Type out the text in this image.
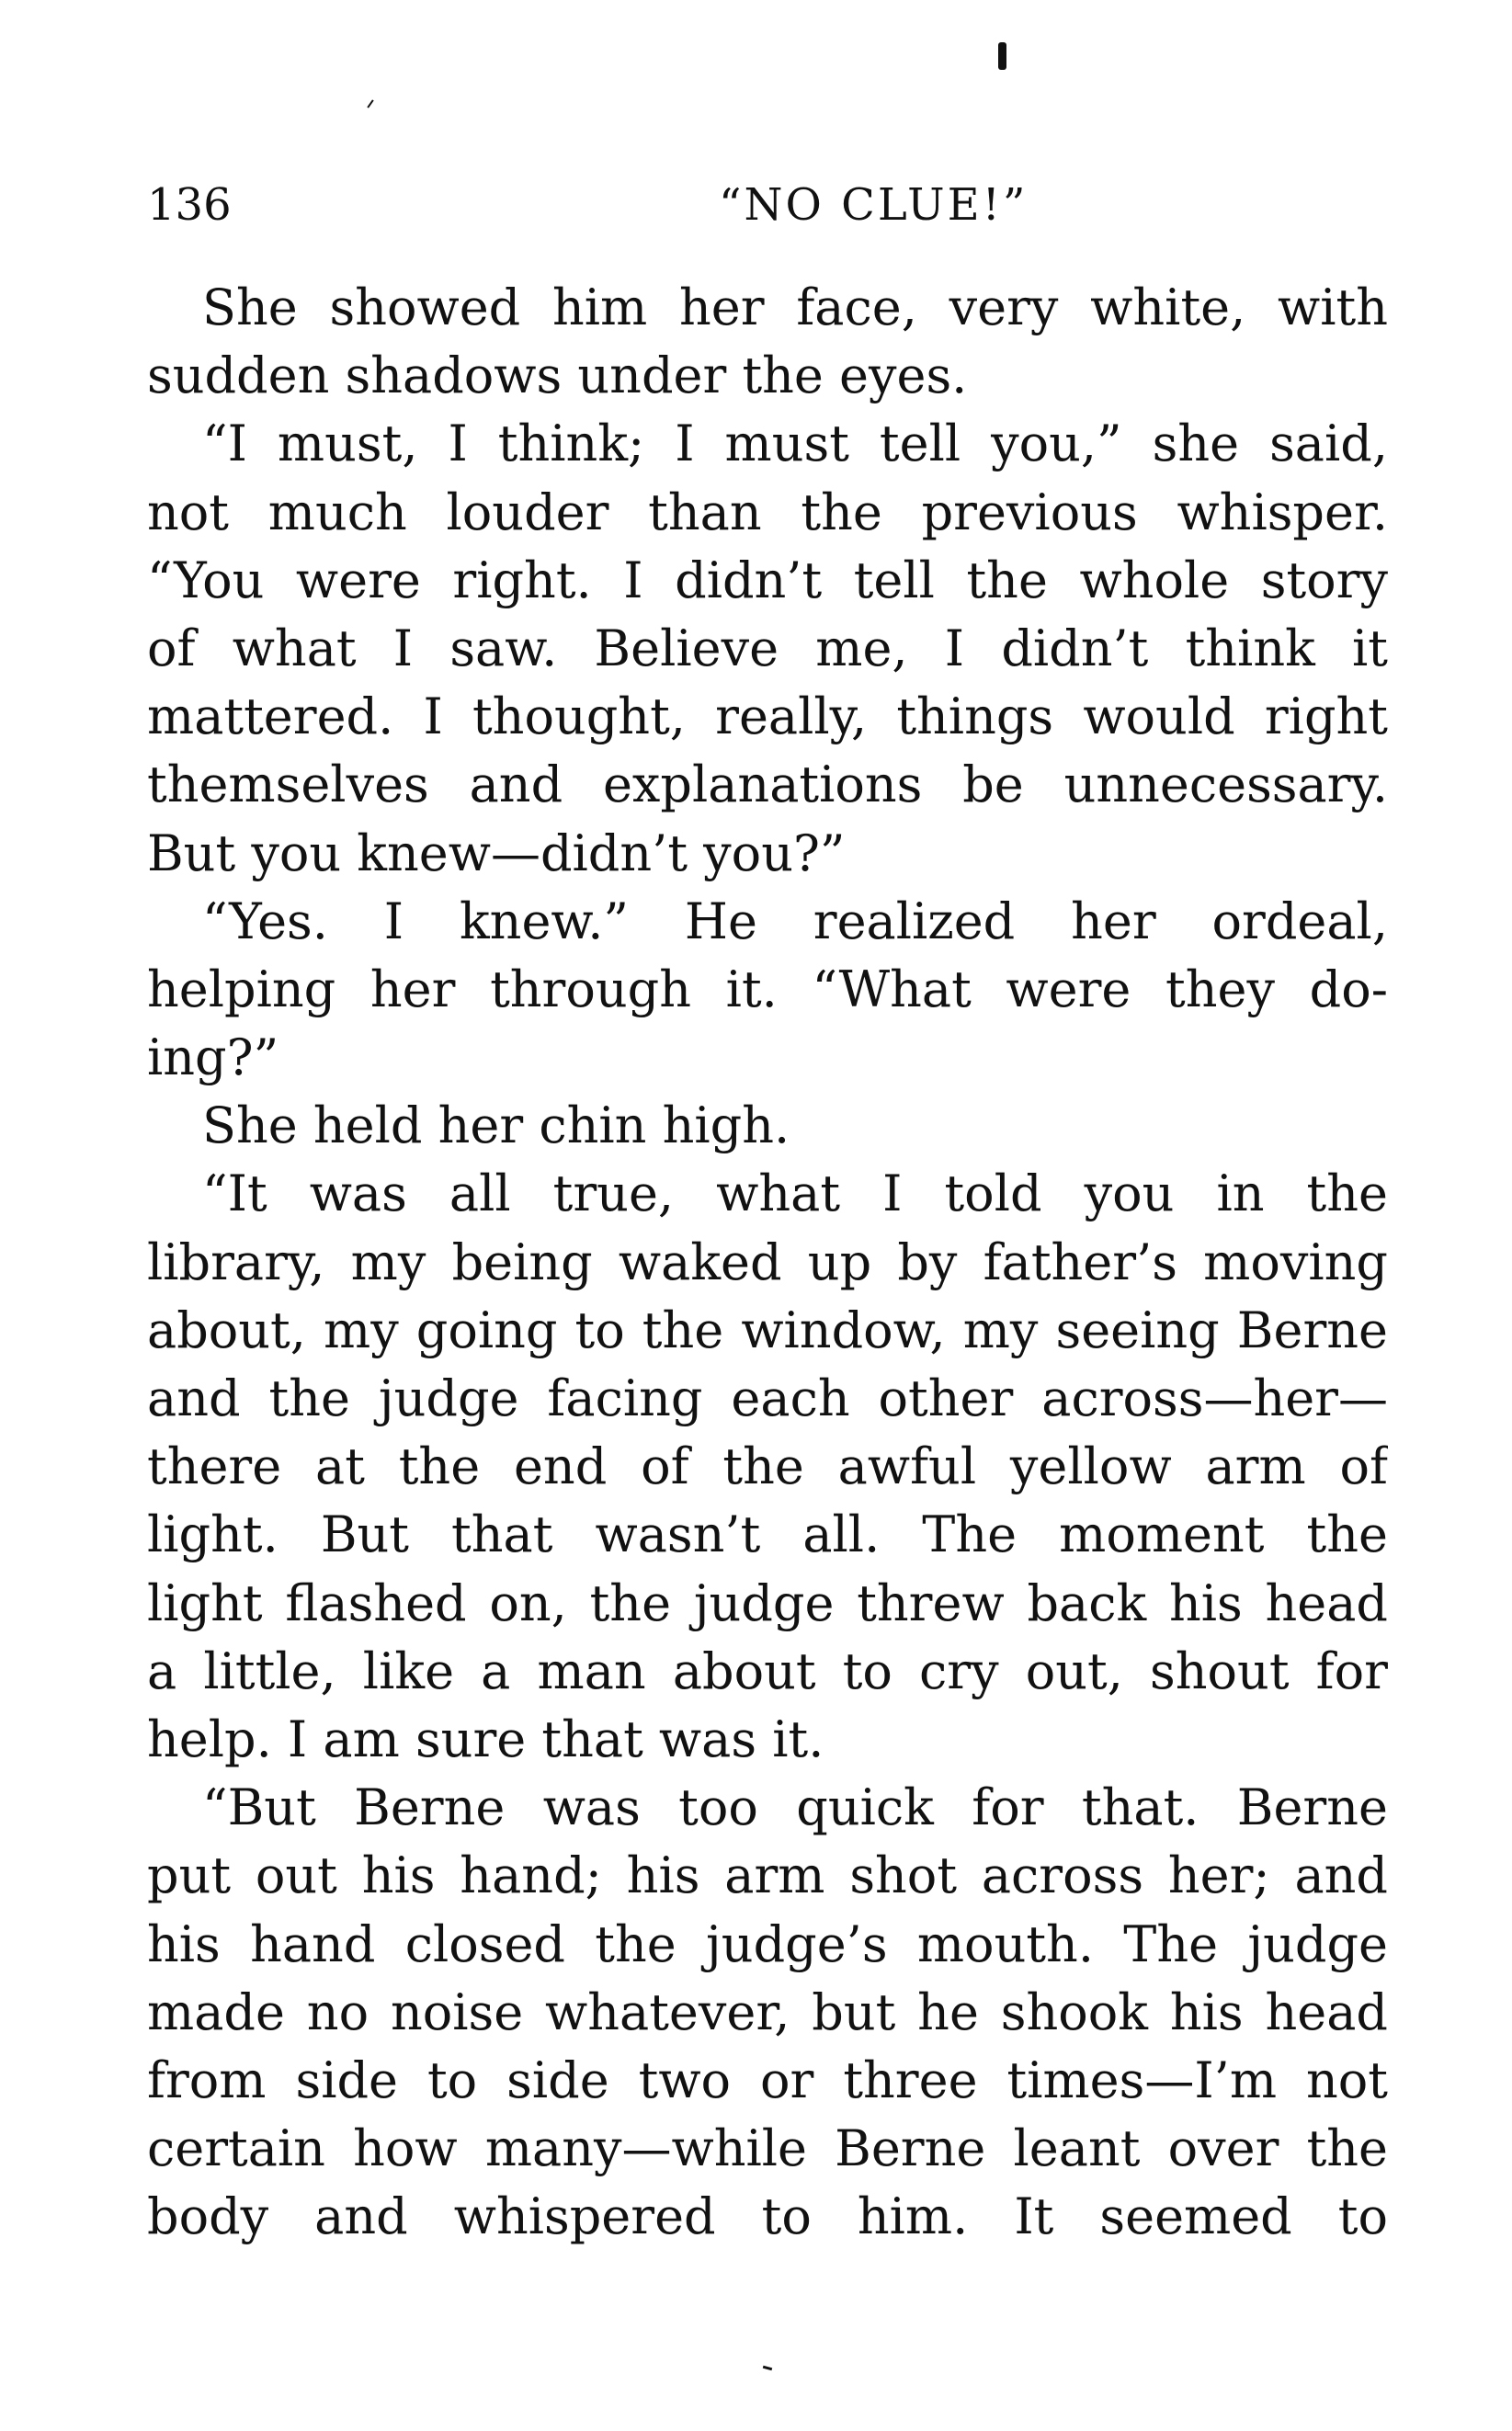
136	“NO CLUE!”
She showed him her face, very white, with
sudden shadows under the eyes.
“I must, I think; I must tell you,” she said,
not much louder than the previous whisper.
“You were right. I didn’t tell the whole story
of what I saw. Believe me, I didn’t think it
mattered. I thought, really, things would right
themselves and explanations be unnecessary.
But you knew—didn’t you?”
“Yes. I knew.” He realized her ordeal,
helping her through it. “What were they do-
ing?”
She held her chin high.
“It was all true, what I told you in the
library, my being waked up by father’s moving
about, my going to the window, my seeing Berne
and the judge facing each other across—her—
there at the end of the awful yellow arm of
light. But that wasn’t all. The moment the
light flashed on, the judge threw back his head
a little, like a man about to cry out, shout for
help. I am sure that was it.
“But Berne was too quick for that. Berne
put out his hand; his arm shot across her; and
his hand closed the judge’s mouth. The judge
made no noise whatever, but he shook his head
from side to side two or three times—I’m not
certain how many—while Berne leant over the
body and whispered to him. It seemed to
